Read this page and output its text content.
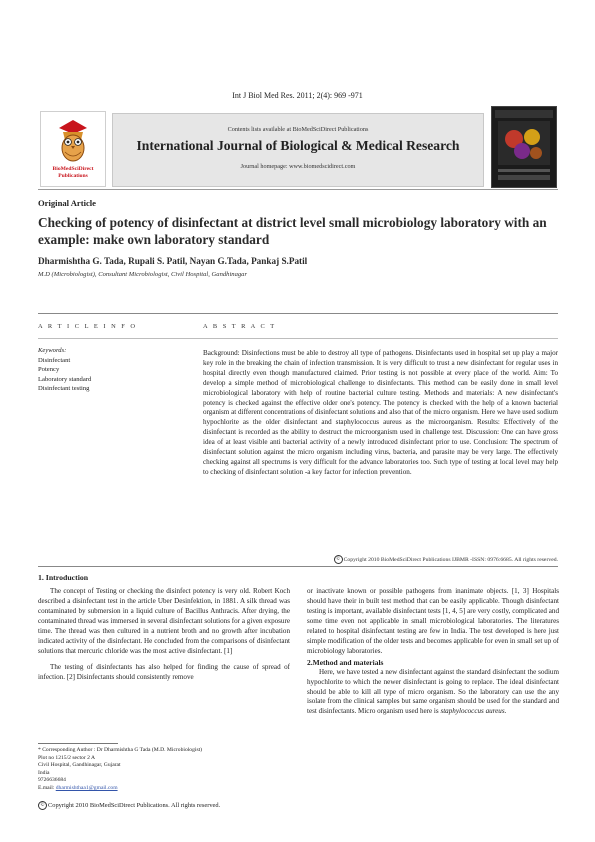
Int J Biol Med Res. 2011; 2(4): 969 -971
BioMedSciDirect
Publications
Contents lists available at BioMedSciDirect Publications
International Journal of Biological & Medical Research
Journal homepage: www.biomedscidirect.com
Original Article
Checking of potency of disinfectant at district level small microbiology laboratory with an example: make own laboratory standard
Dharmishtha G. Tada, Rupali S. Patil, Nayan G.Tada, Pankaj S.Patil
M.D (Microbiologist), Consultant Microbiologist, Civil Hospital, Gandhinagar
A R T I C L E I N F O	A B S T R A C T
Keywords:
Disinfectant
Potency
Laboratory standard
Disinfectant testing
Background: Disinfections must be able to destroy all type of pathogens. Disinfectants used in hospital set up play a major key role in the breaking the chain of infection transmission. It is very difficult to trust a new disinfectant for regular uses in hospital directly even though manufactured claimed. Prior testing is not possible at every place of the world. Aim: To develop a simple method of microbiological challenge to disinfectants. This method can be easily done in small level microbiological laboratory with help of routine bacterial culture testing. Methods and materials: A new disinfectant's potency is checked against the effective older one's potency. The potency is checked with the help of a known bacterial organism at different concentrations of disinfectant solutions and also that of the micro organism. Here we have used sodium hypochlorite as the older disinfectant and staphylococcus aureus as the microorganism. Results: Effectively of the disinfectant is recorded as the ability to destruct the microorganism used in challenge test. Discussion: One can have gross idea of at least visible anti bacterial activity of a newly introduced disinfectant prior to use. Conclusion: The spectrum of disinfectant solution against the micro organism including virus, bacteria, and parasite may be very large. The effectively checking against all spectrums is very difficult for the advance laboratories too. Such type of testing at local level may help to checking of disinfectant solution -a key factor for infection prevention.
© Copyright 2010 BioMedSciDirect Publications IJBMR -ISSN: 0976:6685. All rights reserved.
1. Introduction

The concept of Testing or checking the disinfect potency is very old. Robert Koch described a disinfectant test in the article Uber Desinfektion, in 1881. A silk thread was contaminated by submersion in a liquid culture of Bacillus Anthracis. After drying, the contaminated thread was immersed in several disinfectant solutions for a given exposure time. The thread was then cultured in a nutrient broth and no growth after incubation indicated activity of the disinfectant. He concluded from the comparisons of disinfectant solutions that mercuric chloride was the most active disinfectant. [1]

The testing of disinfectants has also helped for finding the cause of spread of infection. [2] Disinfectants should consistently remove

or inactivate known or possible pathogens from inanimate objects. [1, 3] Hospitals should have their in built test method that can be easily applicable. Though disinfectant testing is important, available disinfectant tests [1, 4, 5] are very costly, complicated and some time even not applicable in small microbiological laboratories. The literatures related to hospital disinfectant testing are few in India. The test developed is here just simple modification of the older tests and becomes applicable for even in small set up of microbiology laboratories.

2.Method and materials

Here, we have tested a new disinfectant against the standard disinfectant the sodium hypochlorite to which the newer disinfectant is going to replace. The ideal disinfectant should be able to kill all type of micro organism. So the laboratory can use the any isolate from the clinical samples but same organism should be used for the standard and test disinfectants. Micro organism used here is staphylococcus aureus.

* Corresponding Author : Dr Dharmishtha G Tada (M.D. Microbiologist)
Plot no 1215/2 sector 2 A
Civil Hospital, Gandhinagar, Gujarat
India
9726636684
E.mail: dharmishthaa1@gmail.com
© Copyright 2010 BioMedSciDirect Publications. All rights reserved.
